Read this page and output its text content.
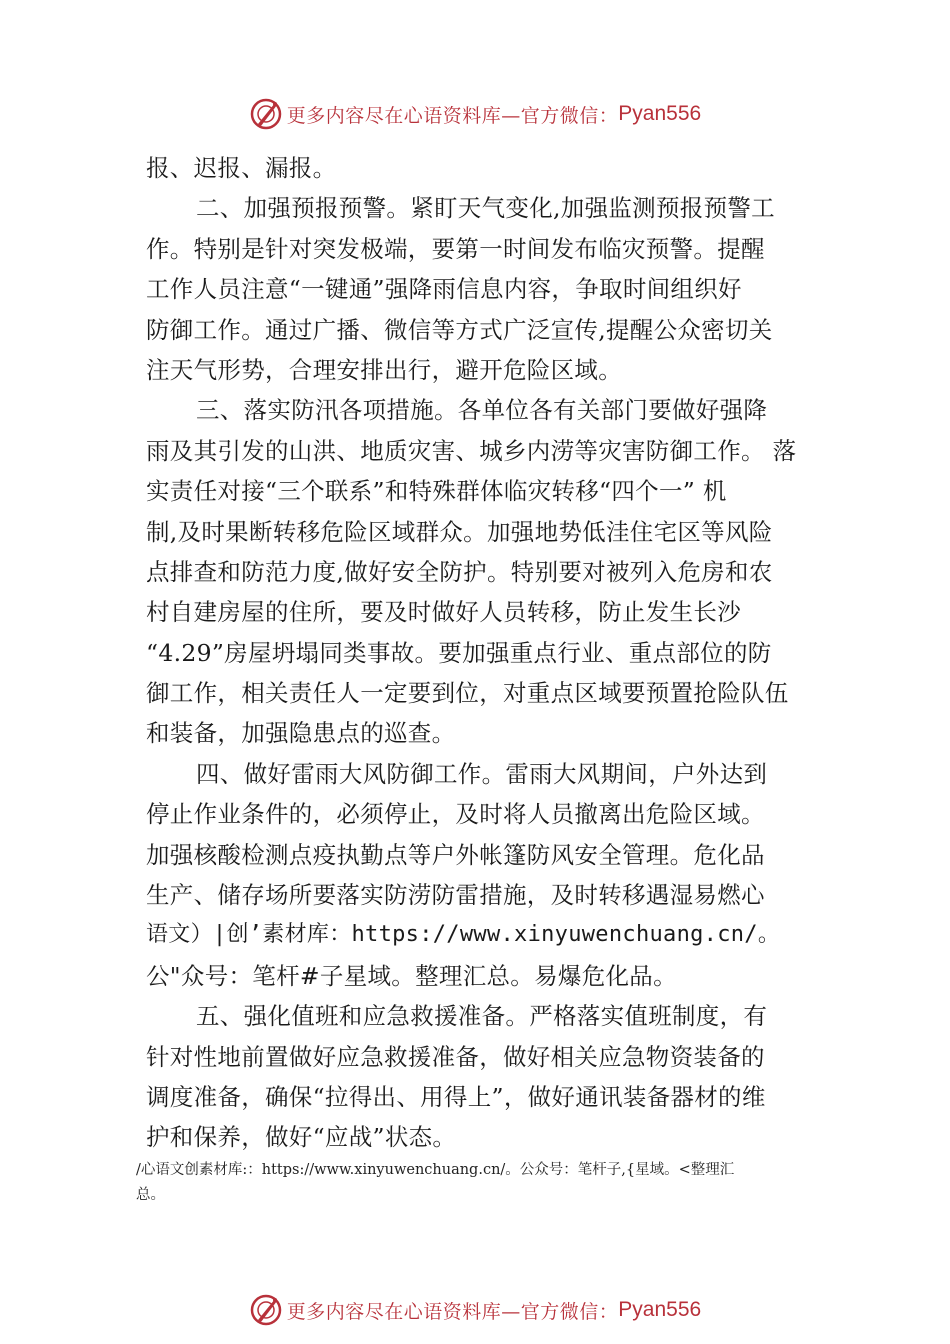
更多内容尽在心语资料库—官方微信： Pyan556
报、迟报、漏报。
二、加强预报预警。紧盯天气变化,加强监测预报预警工
作。特别是针对突发极端，要第一时间发布临灾预警。提醒
工作人员注意“一键通”强降雨信息内容，争取时间组织好
防御工作。通过广播、微信等方式广泛宣传,提醒公众密切关
注天气形势，合理安排出行，避开危险区域。
三、落实防汛各项措施。各单位各有关部门要做好强降
雨及其引发的山洪、地质灾害、城乡内涝等灾害防御工作。 落
实责任对接“三个联系”和特殊群体临灾转移“四个一” 机
制,及时果断转移危险区域群众。加强地势低洼住宅区等风险
点排查和防范力度,做好安全防护。特别要对被列入危房和农
村自建房屋的住所，要及时做好人员转移，防止发生长沙
“4.29”房屋坍塌同类事故。要加强重点行业、重点部位的防
御工作，相关责任人一定要到位，对重点区域要预置抢险队伍
和装备，加强隐患点的巡查。
四、做好雷雨大风防御工作。雷雨大风期间，户外达到
停止作业条件的，必须停止，及时将人员撤离出危险区域。
加强核酸检测点疫执勤点等户外帐篷防风安全管理。危化品
生产、储存场所要落实防涝防雷措施，及时转移遇湿易燃心
语文）|创’素材库：https://www.xinyuwenchuang.cn/。
公"众号：笔杆#子星域。整理汇总。易爆危化品。
五、强化值班和应急救援准备。严格落实值班制度，有
针对性地前置做好应急救援准备，做好相关应急物资装备的
调度准备，确保“拉得出、用得上”，做好通讯装备器材的维
护和保养，做好“应战”状态。
/心语文创素材库:：https://www.xinyuwenchuang.cn/。公众号：笔杆子,{星域。<整理汇
总。
更多内容尽在心语资料库—官方微信： Pyan556
